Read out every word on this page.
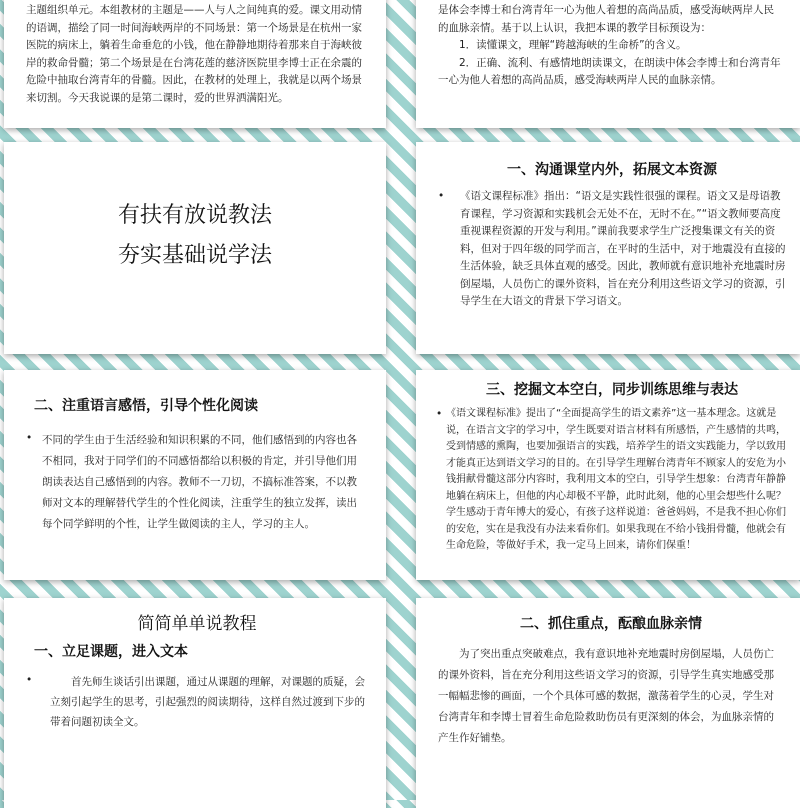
主题组织单元。本组教材的主题是——人与人之间纯真的爱。课文用动情的语调，描绘了同一时间海峡两岸的不同场景：第一个场景是在杭州一家医院的病床上，躺着生命垂危的小钱，他在静静地期待着那来自于海峡彼岸的救命骨髓；第二个场景是在台湾花莲的慈济医院里李博士正在余震的危险中抽取台湾青年的骨髓。因此，在教材的处理上，我就是以两个场景来切割。今天我说课的是第二课时，爱的世界洒满阳光。

是体会李博士和台湾青年一心为他人着想的高尚品质，感受海峡两岸人民的血脉亲情。基于以上认识，我把本课的教学目标预设为：

1．读懂课文，理解“跨越海峡的生命桥”的含义。

2．正确、流利、有感情地朗读课文，在朗读中体会李博士和台湾青年一心为他人着想的高尚品质，感受海峡两岸人民的血脉亲情。

有扶有放说教法
夯实基础说学法
一、沟通课堂内外，拓展文本资源
•	《语文课程标准》指出：“语文是实践性很强的课程。语文又是母语教育课程，学习资源和实践机会无处不在，无时不在。”“语文教师要高度重视课程资源的开发与利用。”课前我要求学生广泛搜集课文有关的资料，但对于四年级的同学而言，在平时的生活中，对于地震没有直接的生活体验，缺乏具体直观的感受。因此，教师就有意识地补充地震时房倒屋塌，人员伤亡的课外资料，旨在充分利用这些语文学习的资源，引导学生在大语文的背景下学习语文。

二、注重语言感悟，引导个性化阅读
• 不同的学生由于生活经验和知识积累的不同，他们感悟到的内容也各不相同，我对于同学们的不同感悟都给以积极的肯定，并引导他们用朗读表达自己感悟到的内容。教师不一刀切，不搞标准答案，不以教师对文本的理解替代学生的个性化阅读，注重学生的独立发挥，读出每个同学鲜明的个性，让学生做阅读的主人，学习的主人。

三、挖掘文本空白，同步训练思维与表达
• 《语文课程标准》提出了“全面提高学生的语文素养”这一基本理念。这就是说，在语言文字的学习中，学生既要对语言材料有所感悟，产生感情的共鸣，受到情感的熏陶，也要加强语言的实践，培养学生的语文实践能力，学以致用才能真正达到语文学习的目的。在引导学生理解台湾青年不顾家人的安危为小钱捐献骨髓这部分内容时，我利用文本的空白，引导学生想象：台湾青年静静地躺在病床上，但他的内心却极不平静，此时此刻，他的心里会想些什么呢？学生感动于青年博大的爱心，有孩子这样说道：爸爸妈妈，不是我不担心你们的安危，实在是我没有办法来看你们。如果我现在不给小钱捐骨髓，他就会有生命危险，等做好手术，我一定马上回来，请你们保重！

简简单单说教程
一、立足课题，进入文本
•	首先师生谈话引出课题，通过从课题的理解，对课题的质疑，会立刻引起学生的思考，引起强烈的阅读期待，这样自然过渡到下步的带着问题初读全文。

二、抓住重点，酝酿血脉亲情

为了突出重点突破难点，我有意识地补充地震时房倒屋塌，人员伤亡的课外资料，旨在充分利用这些语文学习的资源，引导学生真实地感受那一幅幅悲惨的画面，一个个具体可感的数据，激荡着学生的心灵，学生对台湾青年和李博士冒着生命危险救助伤员有更深刻的体会，为血脉亲情的产生作好铺垫。
